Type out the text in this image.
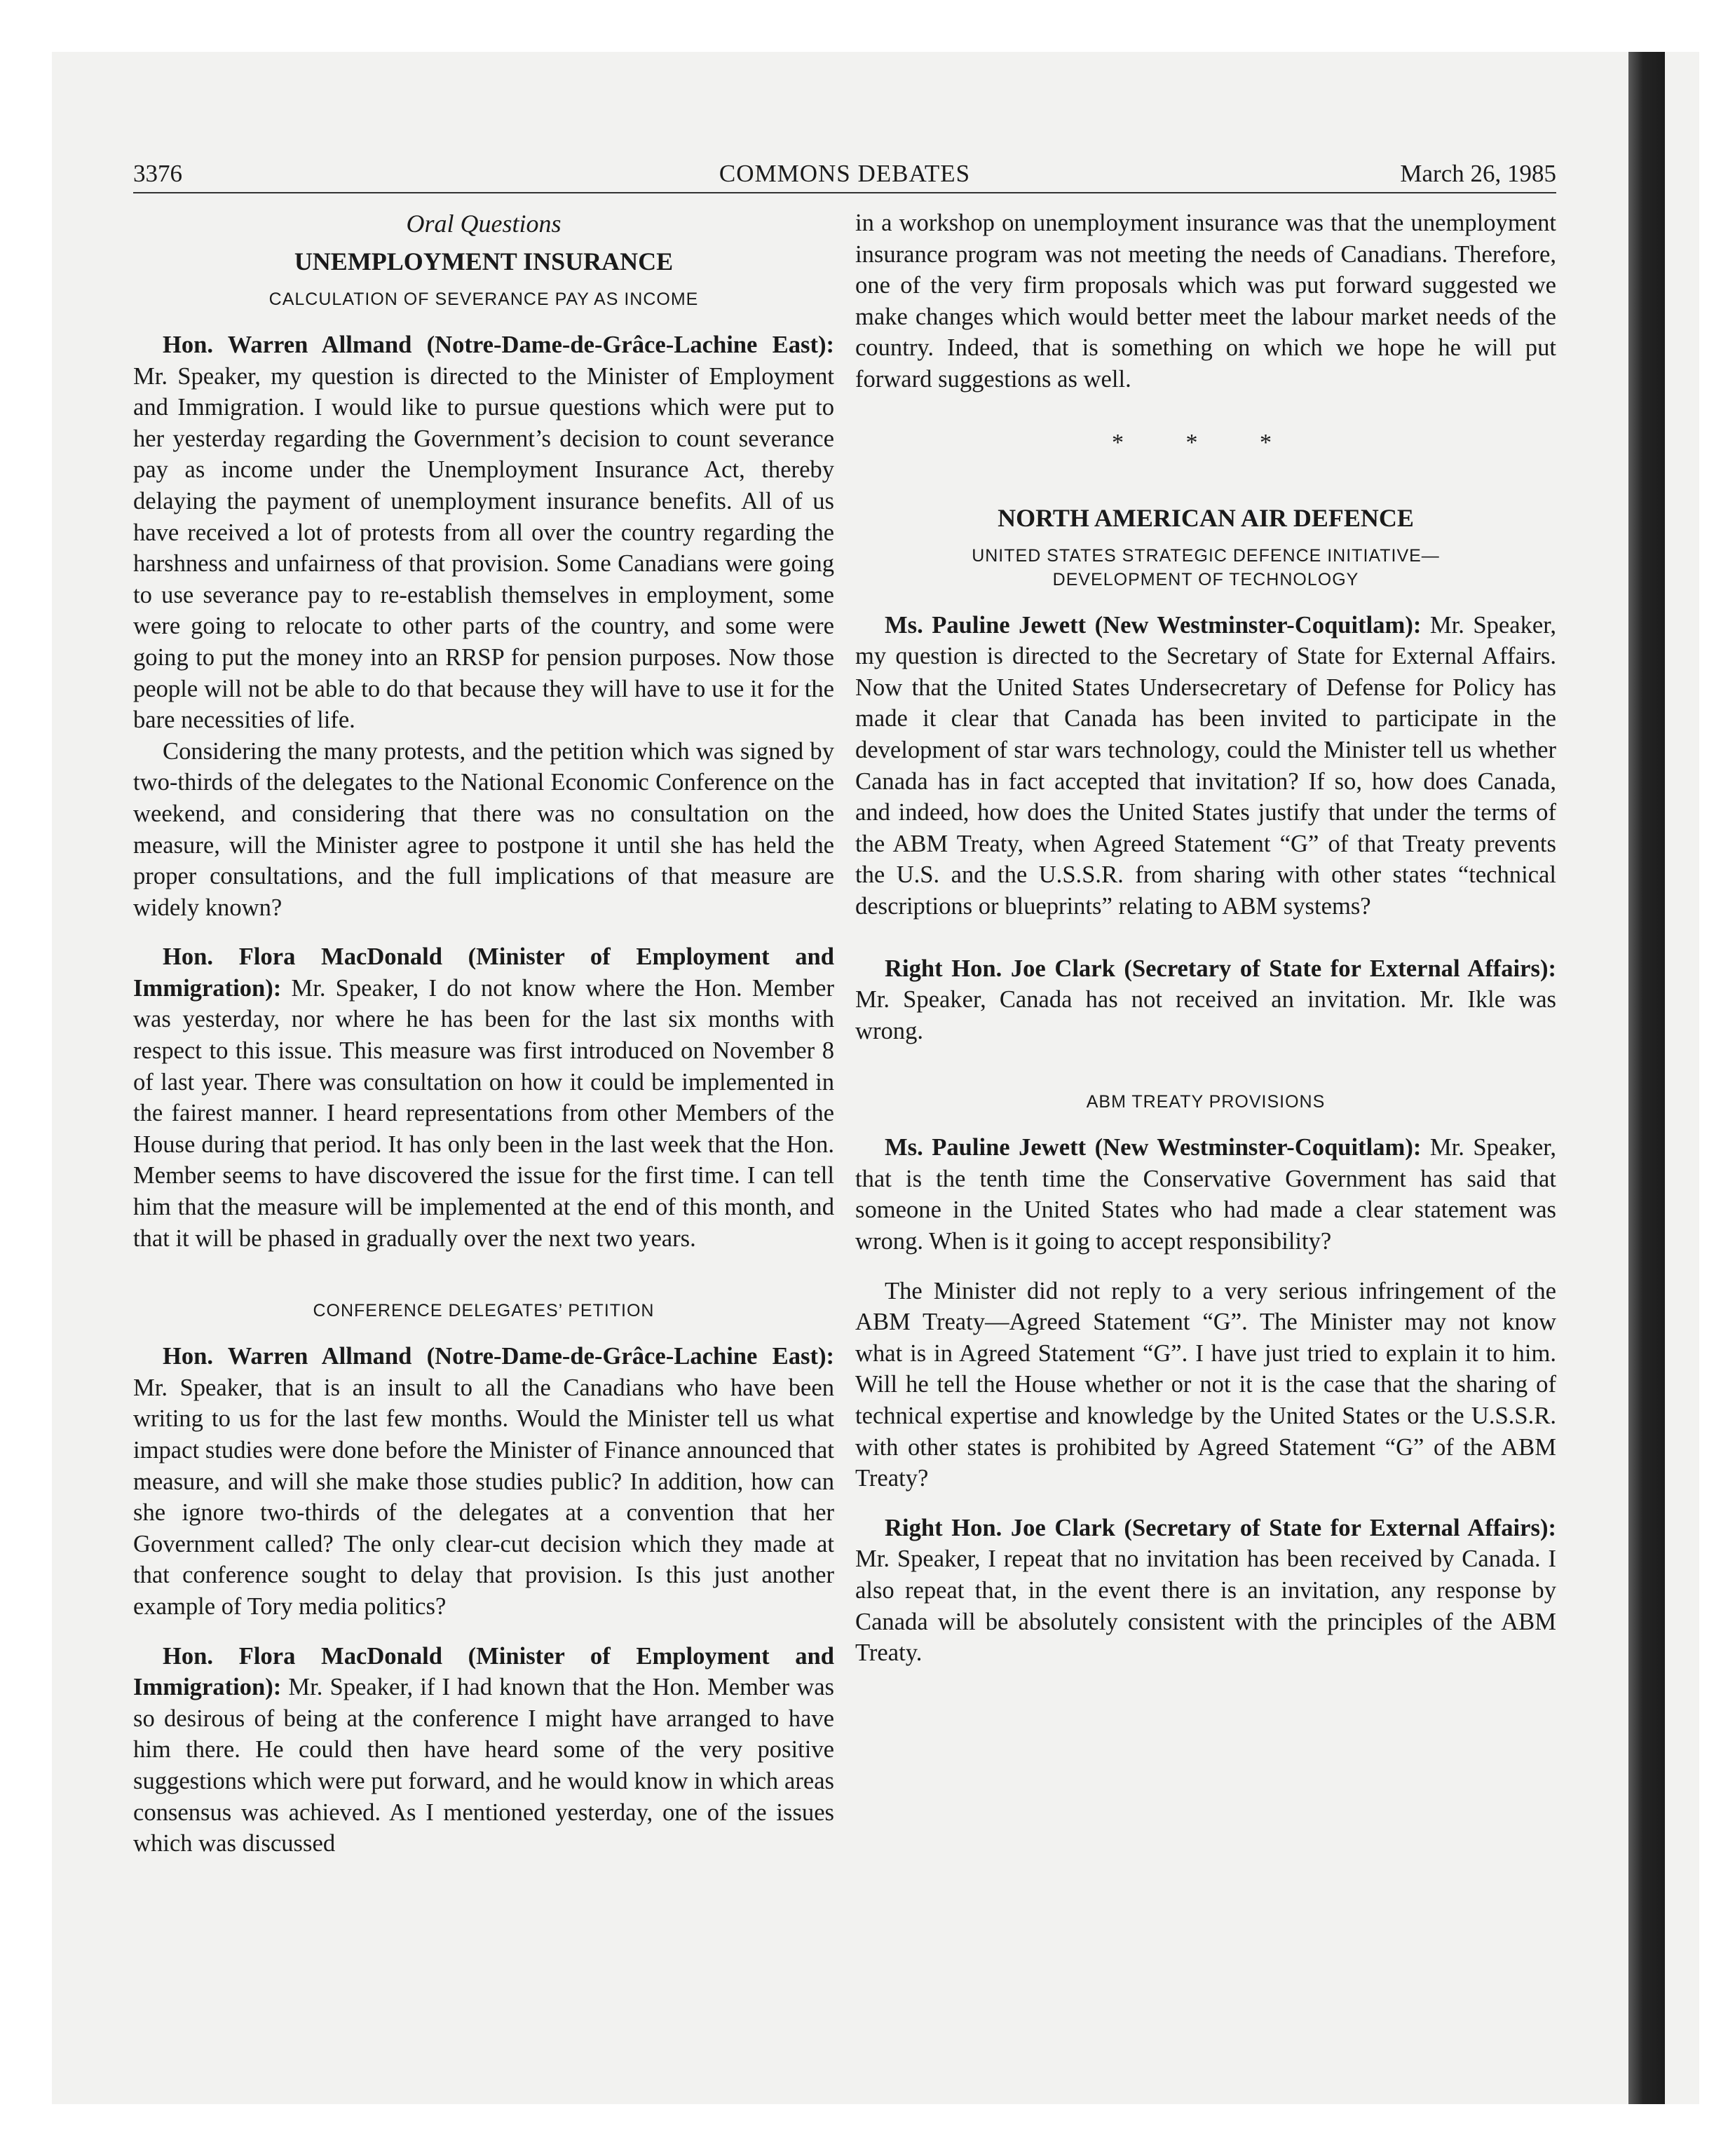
3376	COMMONS DEBATES	March 26, 1985
Oral Questions
UNEMPLOYMENT INSURANCE
CALCULATION OF SEVERANCE PAY AS INCOME

Hon. Warren Allmand (Notre-Dame-de-Grâce-Lachine East): Mr. Speaker, my question is directed to the Minister of Employment and Immigration. I would like to pursue questions which were put to her yesterday regarding the Government’s decision to count severance pay as income under the Unemployment Insurance Act, thereby delaying the payment of unemployment insurance benefits. All of us have received a lot of protests from all over the country regarding the harshness and unfairness of that provision. Some Canadians were going to use severance pay to re-establish themselves in employment, some were going to relocate to other parts of the country, and some were going to put the money into an RRSP for pension purposes. Now those people will not be able to do that because they will have to use it for the bare necessities of life.

Considering the many protests, and the petition which was signed by two-thirds of the delegates to the National Economic Conference on the weekend, and considering that there was no consultation on the measure, will the Minister agree to postpone it until she has held the proper consultations, and the full implications of that measure are widely known?

Hon. Flora MacDonald (Minister of Employment and Immigration): Mr. Speaker, I do not know where the Hon. Member was yesterday, nor where he has been for the last six months with respect to this issue. This measure was first introduced on November 8 of last year. There was consultation on how it could be implemented in the fairest manner. I heard representations from other Members of the House during that period. It has only been in the last week that the Hon. Member seems to have discovered the issue for the first time. I can tell him that the measure will be implemented at the end of this month, and that it will be phased in gradually over the next two years.

CONFERENCE DELEGATES’ PETITION

Hon. Warren Allmand (Notre-Dame-de-Grâce-Lachine East): Mr. Speaker, that is an insult to all the Canadians who have been writing to us for the last few months. Would the Minister tell us what impact studies were done before the Minister of Finance announced that measure, and will she make those studies public? In addition, how can she ignore two-thirds of the delegates at a convention that her Government called? The only clear-cut decision which they made at that conference sought to delay that provision. Is this just another example of Tory media politics?

Hon. Flora MacDonald (Minister of Employment and Immigration): Mr. Speaker, if I had known that the Hon. Member was so desirous of being at the conference I might have arranged to have him there. He could then have heard some of the very positive suggestions which were put forward, and he would know in which areas consensus was achieved. As I mentioned yesterday, one of the issues which was discussed

in a workshop on unemployment insurance was that the unemployment insurance program was not meeting the needs of Canadians. Therefore, one of the very firm proposals which was put forward suggested we make changes which would better meet the labour market needs of the country. Indeed, that is something on which we hope he will put forward suggestions as well.

* * *
NORTH AMERICAN AIR DEFENCE
UNITED STATES STRATEGIC DEFENCE INITIATIVE—
DEVELOPMENT OF TECHNOLOGY

Ms. Pauline Jewett (New Westminster-Coquitlam): Mr. Speaker, my question is directed to the Secretary of State for External Affairs. Now that the United States Undersecretary of Defense for Policy has made it clear that Canada has been invited to participate in the development of star wars technology, could the Minister tell us whether Canada has in fact accepted that invitation? If so, how does Canada, and indeed, how does the United States justify that under the terms of the ABM Treaty, when Agreed Statement “G” of that Treaty prevents the U.S. and the U.S.S.R. from sharing with other states “technical descriptions or blueprints” relating to ABM systems?

Right Hon. Joe Clark (Secretary of State for External Affairs): Mr. Speaker, Canada has not received an invitation. Mr. Ikle was wrong.

ABM TREATY PROVISIONS

Ms. Pauline Jewett (New Westminster-Coquitlam): Mr. Speaker, that is the tenth time the Conservative Government has said that someone in the United States who had made a clear statement was wrong. When is it going to accept responsibility?

The Minister did not reply to a very serious infringement of the ABM Treaty—Agreed Statement “G”. The Minister may not know what is in Agreed Statement “G”. I have just tried to explain it to him. Will he tell the House whether or not it is the case that the sharing of technical expertise and knowledge by the United States or the U.S.S.R. with other states is prohibited by Agreed Statement “G” of the ABM Treaty?

Right Hon. Joe Clark (Secretary of State for External Affairs): Mr. Speaker, I repeat that no invitation has been received by Canada. I also repeat that, in the event there is an invitation, any response by Canada will be absolutely consistent with the principles of the ABM Treaty.
